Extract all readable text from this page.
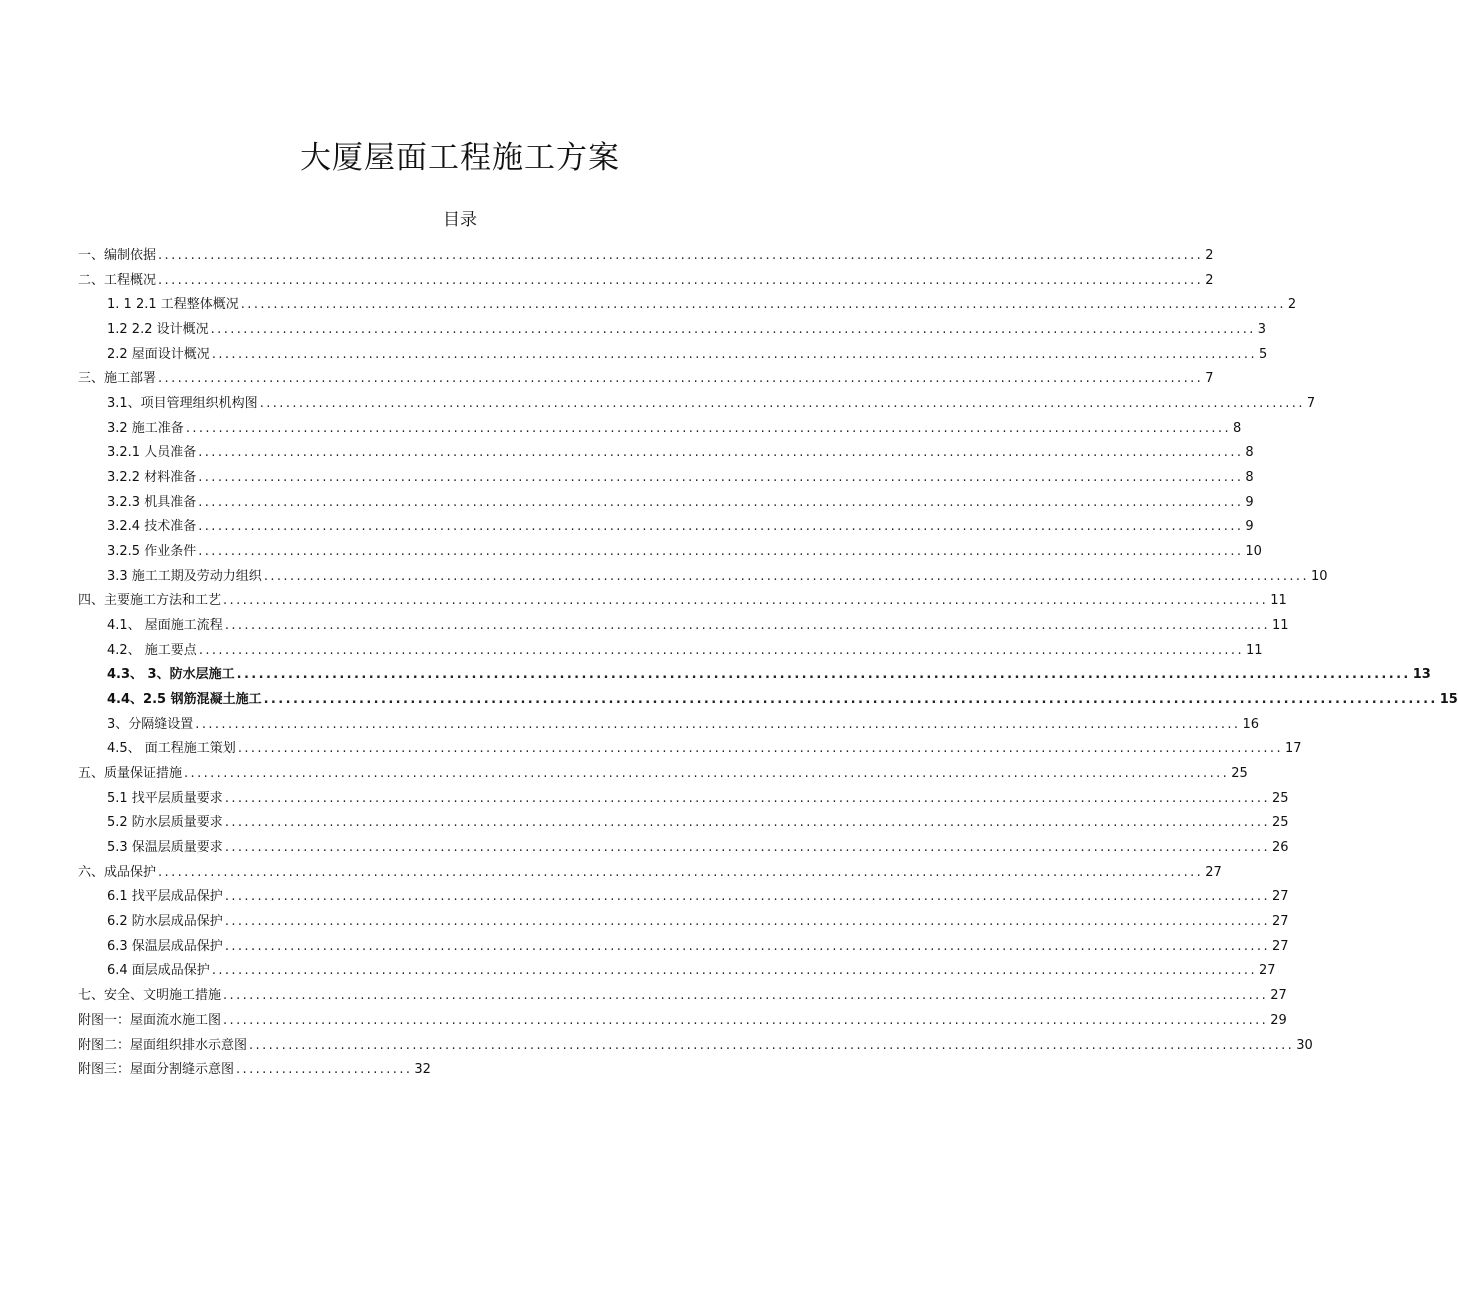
大厦屋面工程施工方案
目录
一、编制依据 ................................................................................................................................................................ 2
二、工程概况 ................................................................................................................................................................ 2
1. 1 2.1 工程整体概况 ................................................................................................................................................................ 2
1.2 2.2 设计概况 ................................................................................................................................................................ 3
2.2 屋面设计概况 ................................................................................................................................................................ 5
三、施工部署 ................................................................................................................................................................ 7
3.1、项目管理组织机构图 ................................................................................................................................................................ 7
3.2 施工准备 ................................................................................................................................................................ 8
3.2.1 人员准备 ................................................................................................................................................................ 8
3.2.2 材料准备 ................................................................................................................................................................ 8
3.2.3 机具准备 ................................................................................................................................................................ 9
3.2.4 技术准备 ................................................................................................................................................................ 9
3.2.5 作业条件 ................................................................................................................................................................ 10
3.3 施工工期及劳动力组织 ................................................................................................................................................................ 10
四、主要施工方法和工艺 ................................................................................................................................................................ 11
4.1、 屋面施工流程 ................................................................................................................................................................ 11
4.2、 施工要点 ................................................................................................................................................................ 11
4.3、 3、防水层施工 ................................................................................................................................................................ 13
4.4、2.5 钢筋混凝土施工 ................................................................................................................................................................ 15
3、分隔缝设置 ................................................................................................................................................................ 16
4.5、 面工程施工策划 ................................................................................................................................................................ 17
五、质量保证措施 ................................................................................................................................................................ 25
5.1 找平层质量要求 ................................................................................................................................................................ 25
5.2 防水层质量要求 ................................................................................................................................................................ 25
5.3 保温层质量要求 ................................................................................................................................................................ 26
六、成品保护 ................................................................................................................................................................ 27
6.1 找平层成品保护 ................................................................................................................................................................ 27
6.2 防水层成品保护 ................................................................................................................................................................ 27
6.3 保温层成品保护 ................................................................................................................................................................ 27
6.4 面层成品保护 ................................................................................................................................................................ 27
七、安全、文明施工措施 ................................................................................................................................................................ 27
附图一：屋面流水施工图 ................................................................................................................................................................ 29
附图二：屋面组织排水示意图 ................................................................................................................................................................ 30
附图三：屋面分割缝示意图 ........................... 32
